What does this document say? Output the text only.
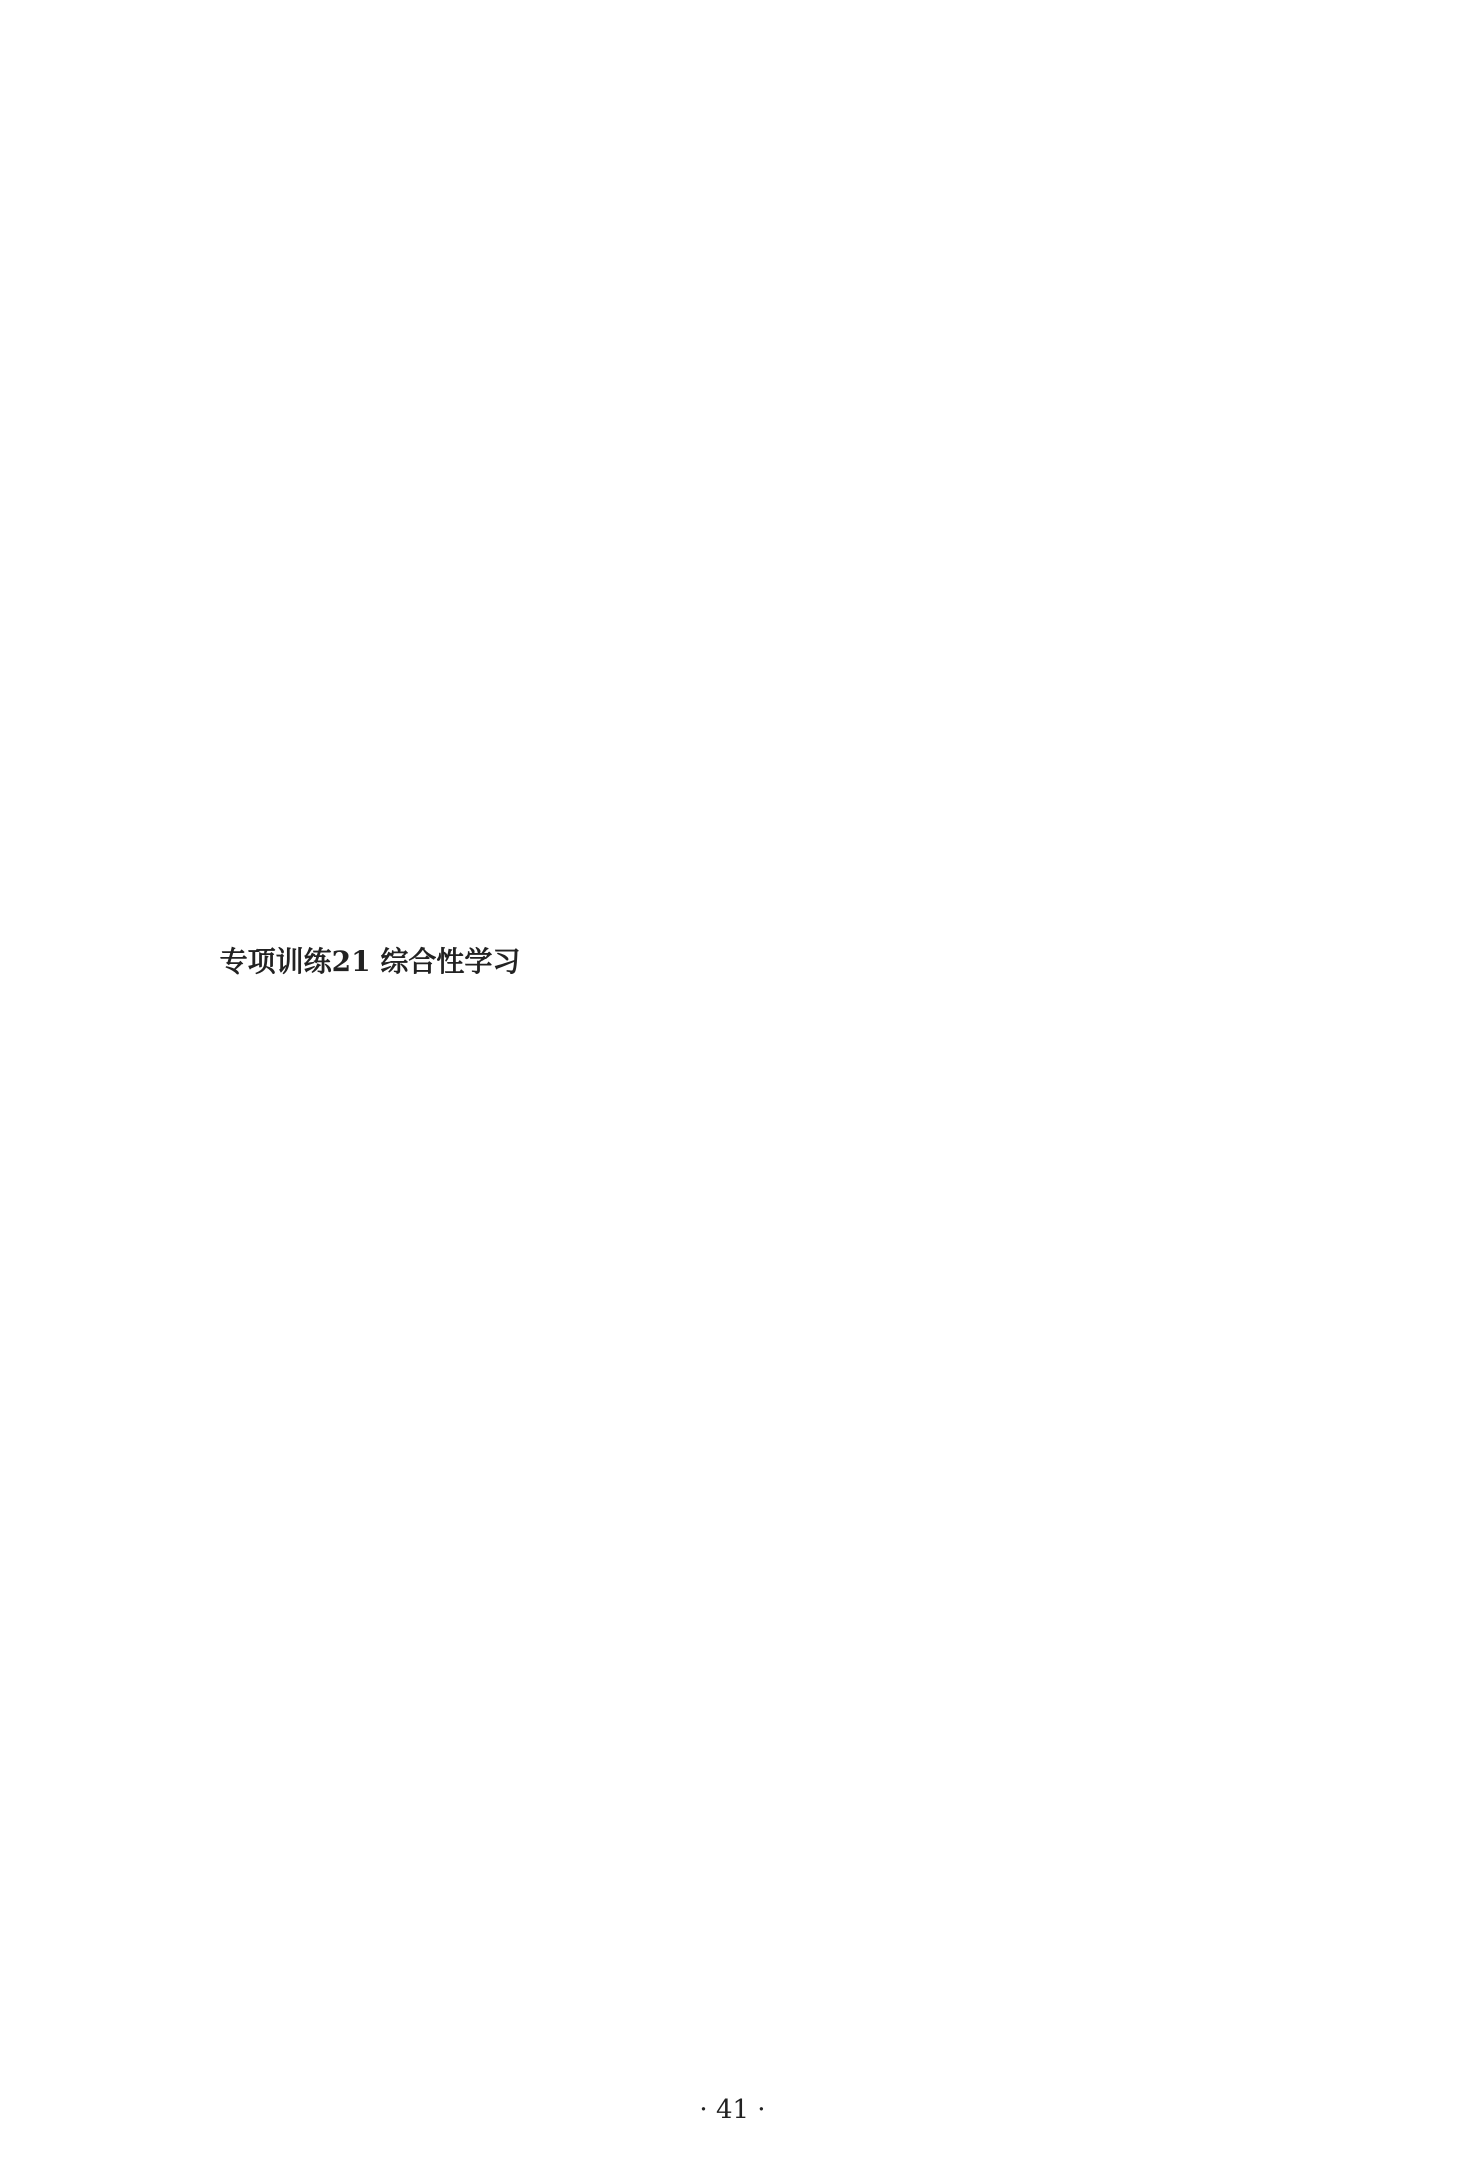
专项训练21 综合性学习
· 41 ·
